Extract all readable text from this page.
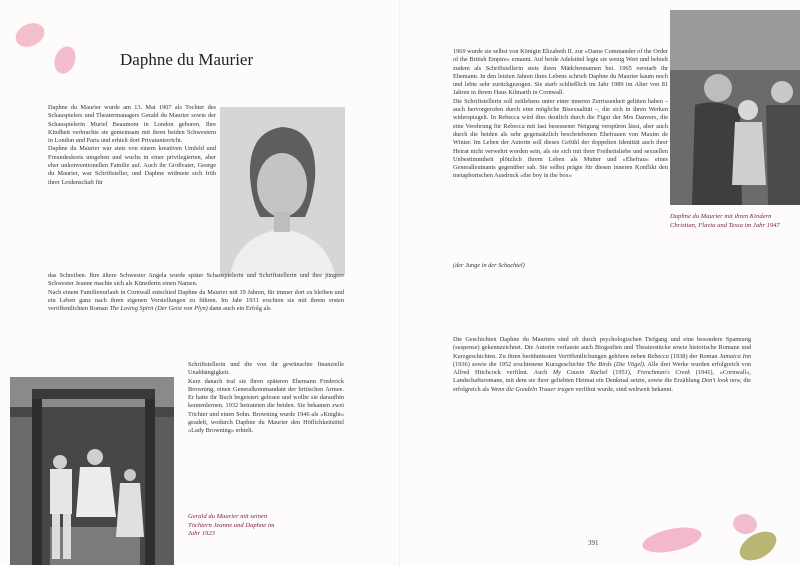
Daphne du Maurier

Daphne du Maurier wurde am 13. Mai 1907 als Tochter des Schauspielers und Theatermanagers Gerald du Maurier sowie der Schauspielerin Muriel Beaumont in London geboren. Ihre Kindheit verbrachte sie gemeinsam mit ihren beiden Schwestern in London und Paris und erhielt dort Privatunterricht.

Daphne du Maurier war stets von einem kreativen Umfeld und Freundeskreis umgeben und wuchs in einer privilegierten, aber eher unkonventionellen Familie auf. Auch ihr Großvater, George du Maurier, war Schriftsteller, und Daphne widmete sich früh ihrer Leidenschaft für

das Schreiben. Ihre ältere Schwester Angela wurde später Schauspielerin und Schriftstellerin und ihre jüngere Schwester Jeanne machte sich als Künstlerin einen Namen.

Nach einem Familienurlaub in Cornwall entschied Daphne du Maurier mit 19 Jahren, für immer dort zu bleiben und ein Leben ganz nach ihren eigenen Vorstellungen zu führen. Im Jahr 1931 erschien sie mit ihrem ersten veröffentlichten Roman The Loving Spirit (Der Geist von Plyn) dann auch ein Erfolg als

Schriftstellerin und die von ihr gewünschte finanzielle Unabhängigkeit.

Kurz danach traf sie ihren späteren Ehemann Frederick Browning, einen Generalkommandant der britischen Armee. Er hatte ihr Buch begeistert gelesen und wollte sie daraufhin kennenlernen. 1932 heirateten die beiden. Sie bekamen zwei Töchter und einen Sohn. Browning wurde 1946 als »Knight« geadelt, wodurch Daphne du Maurier den Höflichkeitstitel »Lady Browning« erhielt.

Gerald du Maurier mit seinen Töchtern Jeanne und Daphne im Jahr 1923

1969 wurde sie selbst von Königin Elizabeth II. zur »Dame Commander of the Order of the British Empire« ernannt. Auf beide Adelstitel legte sie wenig Wert und behielt zudem als Schriftstellerin stets ihren Mädchennamen bei. 1965 verstarb ihr Ehemann. In den letzten Jahren ihres Lebens schrieb Daphne du Maurier kaum noch und lebte sehr zurückgezogen. Sie starb schließlich im Jahr 1989 im Alter von 81 Jahren in ihrem Haus Kilmarth in Cornwall.

Die Schriftstellerin soll zeitlebens unter einer inneren Zerrissenheit gelitten haben – auch hervorgerufen durch eine mögliche Bisexualität –, die sich in ihren Werken widerspiegelt. In Rebecca wird dies deutlich durch die Figur der Mrs Danvers, die eine Verehrung für Rebecca mit fast besessener Neigung verspüren lässt, aber auch durch die beiden als sehr gegensätzlich beschriebenen Ehefrauen von Maxim de Winter. Im Leben der Autorin soll dieses Gefühl der doppelten Identität auch ihrer Heirat nicht verwehrt worden sein, als sie sich mit ihrer Freiheitsliebe und sexuellen Unbestimmtheit plötzlich ihrem Leben als Mutter und »Ehefrau« eines Generalleutnants gegenüber sah. Sie selbst prägte für diesen inneren Konflikt den metaphorischen Ausdruck »the boy in the box«

(der Junge in der Schachtel)

Die Geschichten Daphne du Mauriers sind oft durch psychologischen Tiefgang und eine besondere Spannung (suspense) gekennzeichnet. Die Autorin verfasste auch Biografien und Theaterstücke sowie historische Romane und Kurzgeschichten. Zu ihren berühmtesten Veröffentlichungen gehören neben Rebecca (1938) der Roman Jamaica Inn (1936) sowie die 1952 erschienene Kurzgeschichte The Birds (Die Vögel). Alle drei Werke wurden erfolgreich von Alfred Hitchcock verfilmt. Auch My Cousin Rachel (1951), Frenchman's Creek (1941), »Cornwall«, Landschaftsromane, mit dem sie ihrer geliebten Heimat ein Denkmal setzte, sowie die Erzählung Don't look now, die erfolgreich als Wenn die Gondeln Trauer tragen verfilmt wurde, sind weltweit bekannt.

Daphne du Maurier mit ihren Kindern Christian, Flavia und Tessa im Jahr 1947
391
